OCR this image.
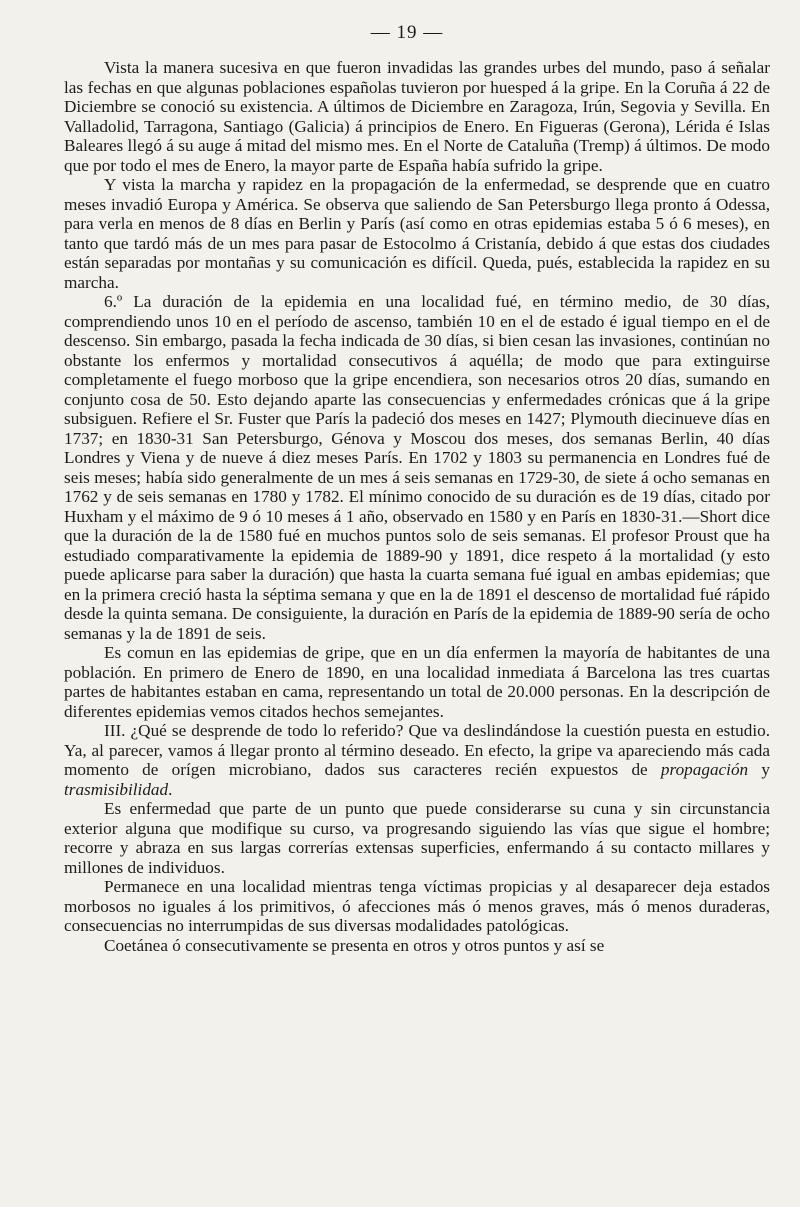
— 19 —

Vista la manera sucesiva en que fueron invadidas las grandes urbes del mundo, paso á señalar las fechas en que algunas poblaciones españolas tuvieron por huesped á la gripe. En la Coruña á 22 de Diciembre se conoció su existencia. A últimos de Diciembre en Zaragoza, Irún, Segovia y Sevilla. En Valladolid, Tarragona, Santiago (Galicia) á principios de Enero. En Figueras (Gerona), Lérida é Islas Baleares llegó á su auge á mitad del mismo mes. En el Norte de Cataluña (Tremp) á últimos. De modo que por todo el mes de Enero, la mayor parte de España había sufrido la gripe.

Y vista la marcha y rapidez en la propagación de la enfermedad, se desprende que en cuatro meses invadió Europa y América. Se observa que saliendo de San Petersburgo llega pronto á Odessa, para verla en menos de 8 días en Berlin y París (así como en otras epidemias estaba 5 ó 6 meses), en tanto que tardó más de un mes para pasar de Estocolmo á Cristanía, debido á que estas dos ciudades están separadas por montañas y su comunicación es difícil. Queda, pués, establecida la rapidez en su marcha.

6.º La duración de la epidemia en una localidad fué, en término medio, de 30 días, comprendiendo unos 10 en el período de ascenso, también 10 en el de estado é igual tiempo en el de descenso. Sin embargo, pasada la fecha indicada de 30 días, si bien cesan las invasiones, continúan no obstante los enfermos y mortalidad consecutivos á aquélla; de modo que para extinguirse completamente el fuego morboso que la gripe encendiera, son necesarios otros 20 días, sumando en conjunto cosa de 50. Esto dejando aparte las consecuencias y enfermedades crónicas que á la gripe subsiguen. Refiere el Sr. Fuster que París la padeció dos meses en 1427; Plymouth diecinueve días en 1737; en 1830-31 San Petersburgo, Génova y Moscou dos meses, dos semanas Berlin, 40 días Londres y Viena y de nueve á diez meses París. En 1702 y 1803 su permanencia en Londres fué de seis meses; había sido generalmente de un mes á seis semanas en 1729-30, de siete á ocho semanas en 1762 y de seis semanas en 1780 y 1782. El mínimo conocido de su duración es de 19 días, citado por Huxham y el máximo de 9 ó 10 meses á 1 año, observado en 1580 y en París en 1830-31.—Short dice que la duración de la de 1580 fué en muchos puntos solo de seis semanas. El profesor Proust que ha estudiado comparativamente la epidemia de 1889-90 y 1891, dice respeto á la mortalidad (y esto puede aplicarse para saber la duración) que hasta la cuarta semana fué igual en ambas epidemias; que en la primera creció hasta la séptima semana y que en la de 1891 el descenso de mortalidad fué rápido desde la quinta semana. De consiguiente, la duración en París de la epidemia de 1889-90 sería de ocho semanas y la de 1891 de seis.

Es comun en las epidemias de gripe, que en un día enfermen la mayoría de habitantes de una población. En primero de Enero de 1890, en una localidad inmediata á Barcelona las tres cuartas partes de habitantes estaban en cama, representando un total de 20.000 personas. En la descripción de diferentes epidemias vemos citados hechos semejantes.

III. ¿Qué se desprende de todo lo referido? Que va deslindándose la cuestión puesta en estudio. Ya, al parecer, vamos á llegar pronto al término deseado. En efecto, la gripe va apareciendo más cada momento de orígen microbiano, dados sus caracteres recién expuestos de propagación y trasmisibilidad.

Es enfermedad que parte de un punto que puede considerarse su cuna y sin circunstancia exterior alguna que modifique su curso, va progresando siguiendo las vías que sigue el hombre; recorre y abraza en sus largas correrías extensas superficies, enfermando á su contacto millares y millones de individuos.

Permanece en una localidad mientras tenga víctimas propicias y al desaparecer deja estados morbosos no iguales á los primitivos, ó afecciones más ó menos graves, más ó menos duraderas, consecuencias no interrumpidas de sus diversas modalidades patológicas.

Coetánea ó consecutivamente se presenta en otros y otros puntos y así se
